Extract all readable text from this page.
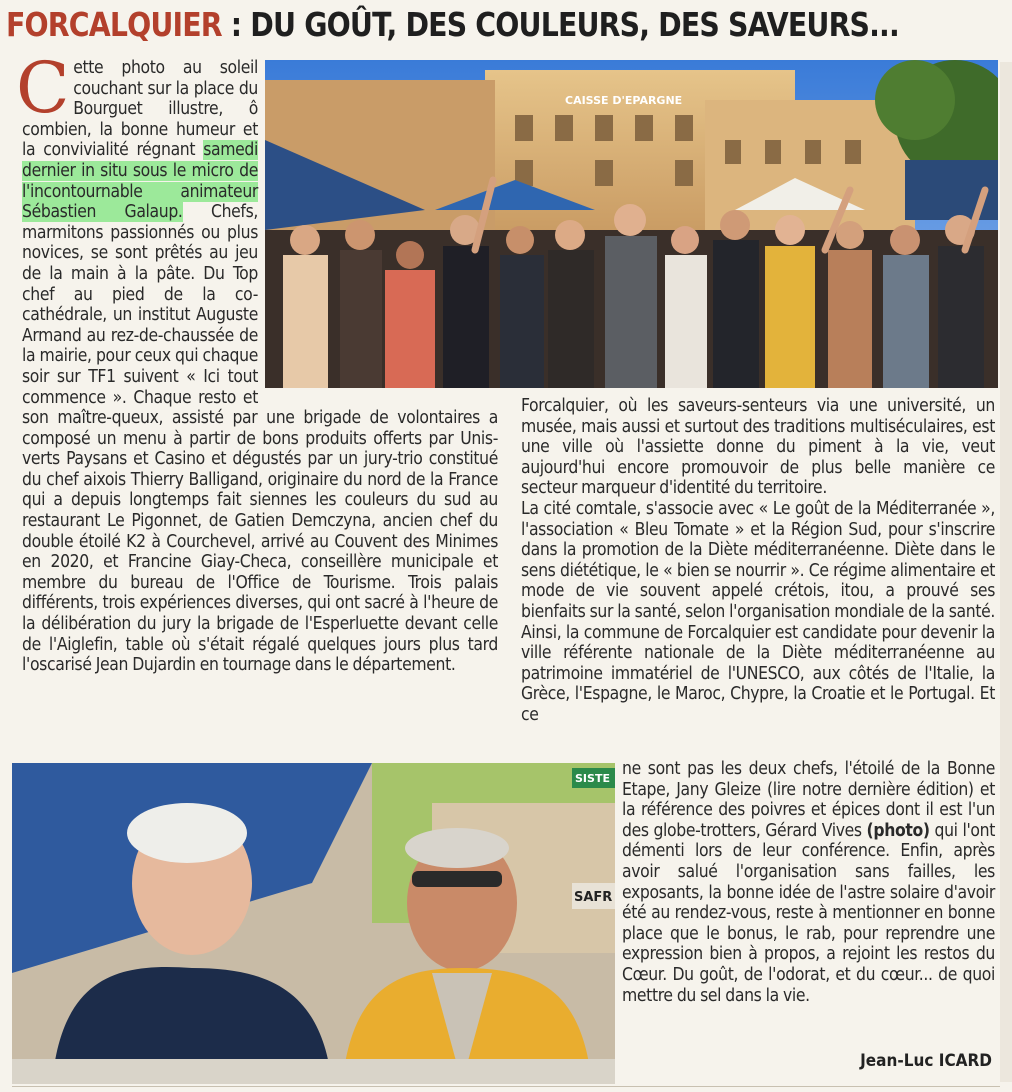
FORCALQUIER : DU GOÛT, DES COULEURS, DES SAVEURS...
C ette photo au soleil couchant sur la place du Bourguet illustre, ô combien, la bonne humeur et la convivialité régnant samedi dernier in situ sous le micro de l'incontournable animateur Sébastien Galaup. Chefs, marmitons passionnés ou plus novices, se sont prêtés au jeu de la main à la pâte. Du Top chef au pied de la co-cathédrale, un institut Auguste Armand au rez-de-chaussée de la mairie, pour ceux qui chaque soir sur TF1 suivent « Ici tout commence ». Chaque resto et son maître-queux, assisté par une brigade de volontaires a composé un menu à partir de bons produits offerts par Unis-verts Paysans et Casino et dégustés par un jury-trio constitué du chef aixois Thierry Balligand, originaire du nord de la France qui a depuis longtemps fait siennes les couleurs du sud au restaurant Le Pigonnet, de Gatien Demczyna, ancien chef du double étoilé K2 à Courchevel, arrivé au Couvent des Minimes en 2020, et Francine Giay-Checa, conseillère municipale et membre du bureau de l'Office de Tourisme. Trois palais différents, trois expériences diverses, qui ont sacré à l'heure de la délibération du jury la brigade de l'Esperluette devant celle de l'Aiglefin, table où s'était régalé quelques jours plus tard l'oscarisé Jean Dujardin en tournage dans le département.

Forcalquier, où les saveurs-senteurs via une université, un musée, mais aussi et surtout des traditions multiséculaires, est une ville où l'assiette donne du piment à la vie, veut aujourd'hui encore promouvoir de plus belle manière ce secteur marqueur d'identité du territoire.

La cité comtale, s'associe avec « Le goût de la Méditerranée », l'association « Bleu Tomate » et la Région Sud, pour s'inscrire dans la promotion de la Diète méditerranéenne. Diète dans le sens diététique, le « bien se nourrir ». Ce régime alimentaire et mode de vie souvent appelé crétois, itou, a prouvé ses bienfaits sur la santé, selon l'organisation mondiale de la santé. Ainsi, la commune de Forcalquier est candidate pour devenir la ville référente nationale de la Diète méditerranéenne au patrimoine immatériel de l'UNESCO, aux côtés de l'Italie, la Grèce, l'Espagne, le Maroc, Chypre, la Croatie et le Portugal. Et ce

ne sont pas les deux chefs, l'étoilé de la Bonne Etape, Jany Gleize (lire notre dernière édition) et la référence des poivres et épices dont il est l'un des globe-trotters, Gérard Vives (photo) qui l'ont démenti lors de leur conférence. Enfin, après avoir salué l'organisation sans failles, les exposants, la bonne idée de l'astre solaire d'avoir été au rendez-vous, reste à mentionner en bonne place que le bonus, le rab, pour reprendre une expression bien à propos, a rejoint les restos du Cœur. Du goût, de l'odorat, et du cœur... de quoi mettre du sel dans la vie.
Jean-Luc ICARD
CAISSE D'EPARGNE
SISTE
SAFR
